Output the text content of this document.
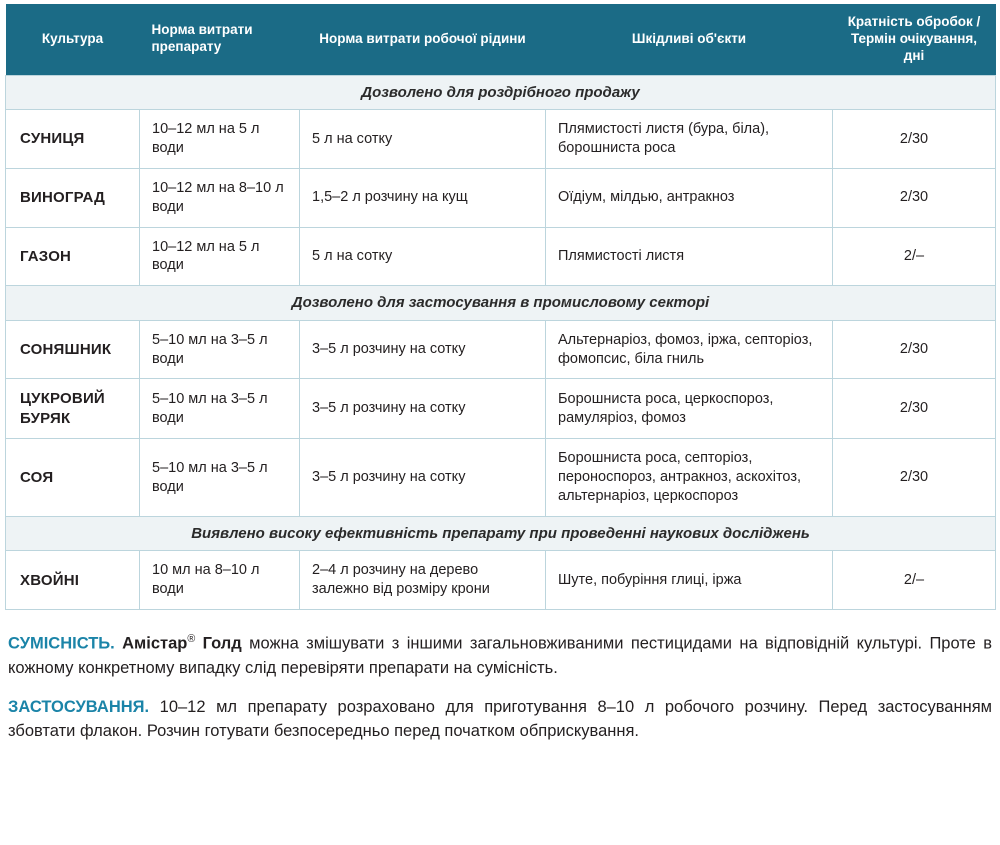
Культура	Норма витрати препарату	Норма витрати робочої рідини	Шкідливі об'єкти	Кратність обробок / Термін очікування, дні
Дозволено для роздрібного продажу				
СУНИЦЯ	10–12 мл на 5 л води	5 л на сотку	Плямистості листя (бура, біла), борошниста роса	2/30
ВИНОГРАД	10–12 мл на 8–10 л води	1,5–2 л розчину на кущ	Оїдіум, мілдью, антракноз	2/30
ГАЗОН	10–12 мл на 5 л води	5 л на сотку	Плямистості листя	2/–
Дозволено для застосування в промисловому секторі				
СОНЯШНИК	5–10 мл на 3–5 л води	3–5 л розчину на сотку	Альтернаріоз, фомоз, іржа, септоріоз, фомопсис, біла гниль	2/30
ЦУКРОВИЙ БУРЯК	5–10 мл на 3–5 л води	3–5 л розчину на сотку	Борошниста роса, церкоспороз, рамуляріоз, фомоз	2/30
СОЯ	5–10 мл на 3–5 л води	3–5 л розчину на сотку	Борошниста роса, септоріоз, пероноспороз, антракноз, аскохітоз, альтернаріоз, церкоспороз	2/30
Виявлено високу ефективність препарату при проведенні наукових досліджень				
ХВОЙНІ	10 мл на 8–10 л води	2–4 л розчину на дерево залежно від розміру крони	Шуте, побуріння глиці, іржа	2/–

СУМІСНІСТЬ. Амістар® Голд можна змішувати з іншими загальновживаними пестицидами на відповідній культурі. Проте в кожному конкретному випадку слід перевіряти препарати на сумісність.

ЗАСТОСУВАННЯ. 10–12 мл препарату розраховано для приготування 8–10 л робочого розчину. Перед застосуванням збовтати флакон. Розчин готувати безпосередньо перед початком обприскування.
